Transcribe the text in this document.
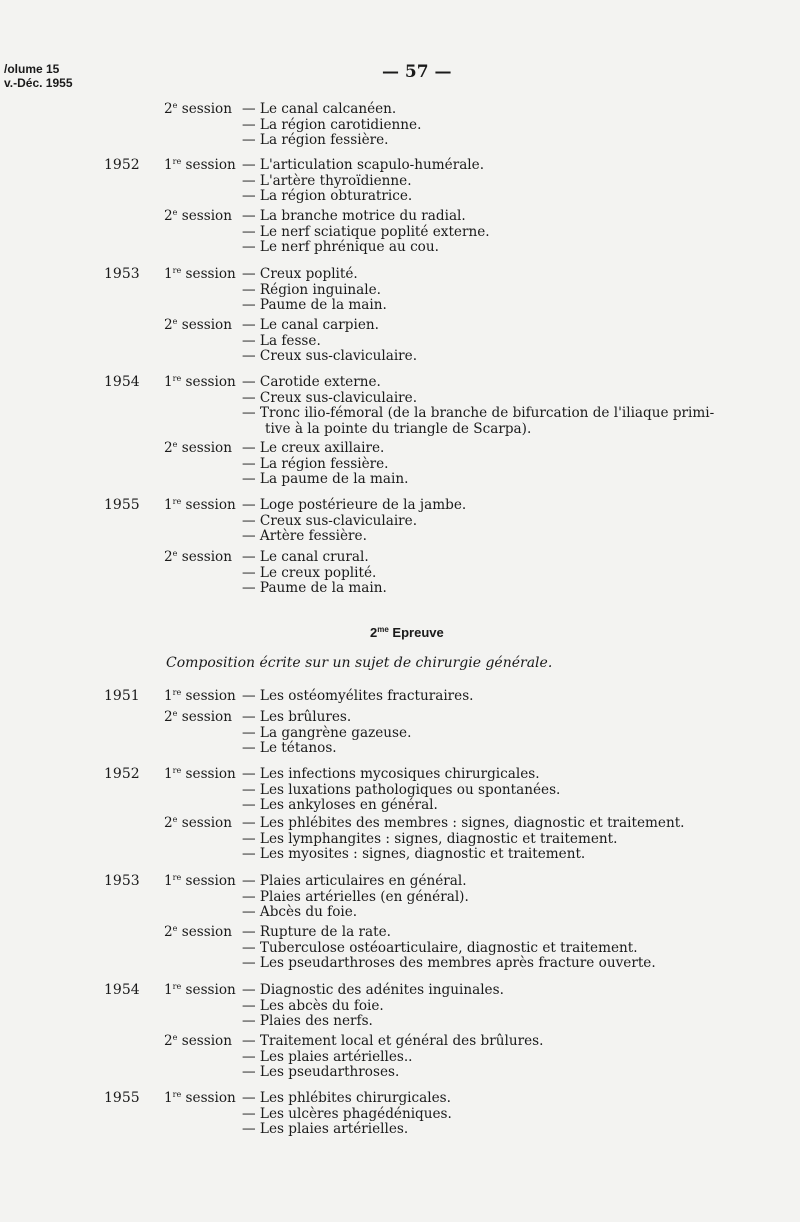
/olume 15
v.-Déc. 1955
— 57 —
2e session — Le canal calcanéen.
— La région carotidienne.
— La région fessière.
1952 1re session — L'articulation scapulo-humérale.
— L'artère thyroïdienne.
— La région obturatrice.
2e session — La branche motrice du radial.
— Le nerf sciatique poplité externe.
— Le nerf phrénique au cou.
1953 1re session — Creux poplité.
— Région inguinale.
— Paume de la main.
2e session — Le canal carpien.
— La fesse.
— Creux sus-claviculaire.
1954 1re session — Carotide externe.
— Creux sus-claviculaire.
— Tronc ilio-fémoral (de la branche de bifurcation de l'iliaque primi-
tive à la pointe du triangle de Scarpa).
2e session — Le creux axillaire.
— La région fessière.
— La paume de la main.
1955 1re session — Loge postérieure de la jambe.
— Creux sus-claviculaire.
— Artère fessière.
2e session — Le canal crural.
— Le creux poplité.
— Paume de la main.
$2^{me}$ Epreuve
Composition écrite sur un sujet de chirurgie générale.
1951 1re session — Les ostéomyélites fracturaires.
2e session — Les brûlures.
— La gangrène gazeuse.
— Le tétanos.
1952 1re session — Les infections mycosiques chirurgicales.
— Les luxations pathologiques ou spontanées.
— Les ankyloses en général.
2e session — Les phlébites des membres : signes, diagnostic et traitement.
— Les lymphangites : signes, diagnostic et traitement.
— Les myosites : signes, diagnostic et traitement.
1953 1re session — Plaies articulaires en général.
— Plaies artérielles (en général).
— Abcès du foie.
2e session — Rupture de la rate.
— Tuberculose ostéoarticulaire, diagnostic et traitement.
— Les pseudarthroses des membres après fracture ouverte.
1954 1re session — Diagnostic des adénites inguinales.
— Les abcès du foie.
— Plaies des nerfs.
2e session — Traitement local et général des brûlures.
— Les plaies artérielles..
— Les pseudarthroses.
1955 1re session — Les phlébites chirurgicales.
— Les ulcères phagédéniques.
— Les plaies artérielles.
